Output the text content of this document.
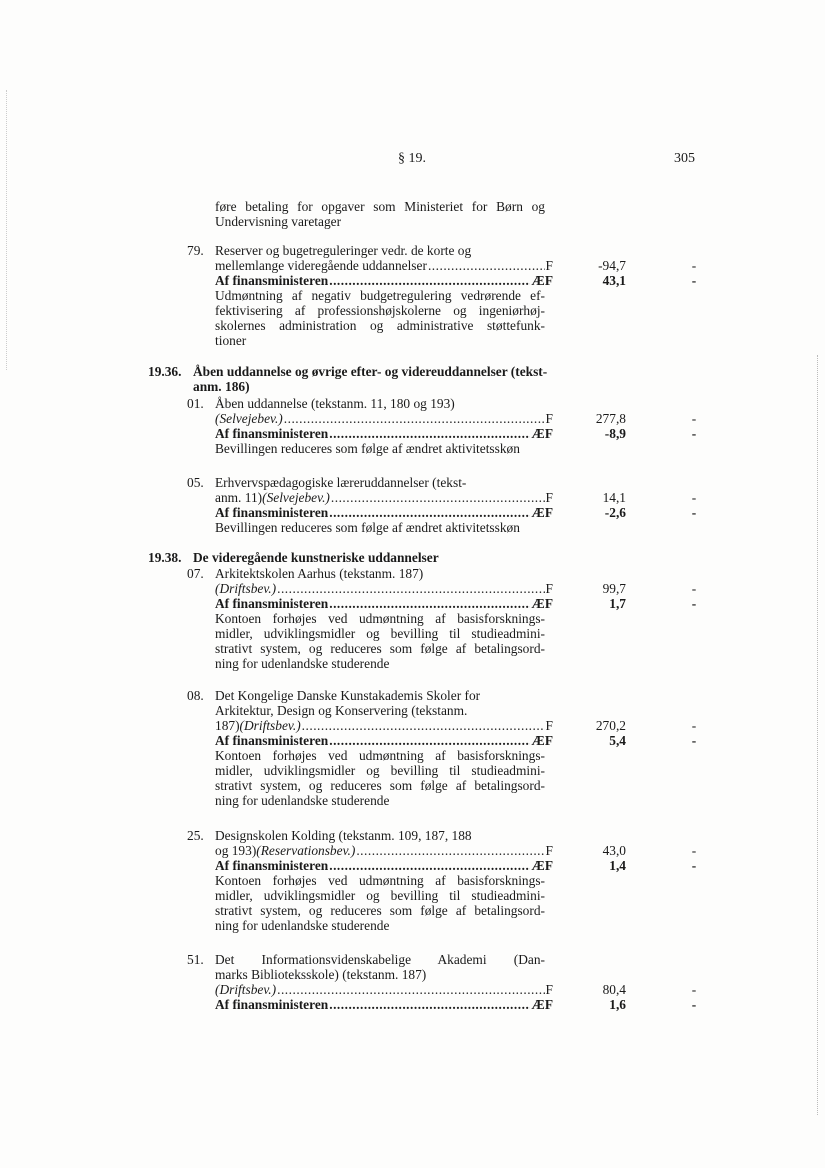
§ 19.	305
føre betaling for opgaver som Ministeriet for Børn og
Undervisning varetager
79. Reserver og bugetreguleringer vedr. de korte og
mellemlange videregående uddannelser .....	F	-94,7	-
Af finansministeren .....	ÆF	43,1	-
Udmøntning af negativ budgetregulering vedrørende ef-
fektivisering af professionshøjskolerne og ingeniørhøj-
skolernes administration og administrative støttefunk-
tioner
19.36. Åben uddannelse og øvrige efter- og videreuddannelser (tekst-
anm. 186)
01. Åben uddannelse (tekstanm. 11, 180 og 193)
(Selvejebev.) .....	F	277,8	-
Af finansministeren .....	ÆF	-8,9	-
Bevillingen reduceres som følge af ændret aktivitetsskøn
05. Erhvervspædagogiske læreruddannelser (tekst-
anm. 11) (Selvejebev.) .....	F	14,1	-
Af finansministeren .....	ÆF	-2,6	-
Bevillingen reduceres som følge af ændret aktivitetsskøn
19.38. De videregående kunstneriske uddannelser
07. Arkitektskolen Aarhus (tekstanm. 187)
(Driftsbev.) .....	F	99,7	-
Af finansministeren .....	ÆF	1,7	-
Kontoen forhøjes ved udmøntning af basisforsknings-
midler, udviklingsmidler og bevilling til studieadmini-
strativt system, og reduceres som følge af betalingsord-
ning for udenlandske studerende
08. Det Kongelige Danske Kunstakademis Skoler for
Arkitektur, Design og Konservering (tekstanm.
187) (Driftsbev.) .....	F	270,2	-
Af finansministeren .....	ÆF	5,4	-
Kontoen forhøjes ved udmøntning af basisforsknings-
midler, udviklingsmidler og bevilling til studieadmini-
strativt system, og reduceres som følge af betalingsord-
ning for udenlandske studerende
25. Designskolen Kolding (tekstanm. 109, 187, 188
og 193) (Reservationsbev.) .....	F	43,0	-
Af finansministeren .....	ÆF	1,4	-
Kontoen forhøjes ved udmøntning af basisforsknings-
midler, udviklingsmidler og bevilling til studieadmini-
strativt system, og reduceres som følge af betalingsord-
ning for udenlandske studerende
51. Det Informationsvidenskabelige Akademi (Dan-
marks Biblioteksskole) (tekstanm. 187)
(Driftsbev.) .....	F	80,4	-
Af finansministeren .....	ÆF	1,6	-
